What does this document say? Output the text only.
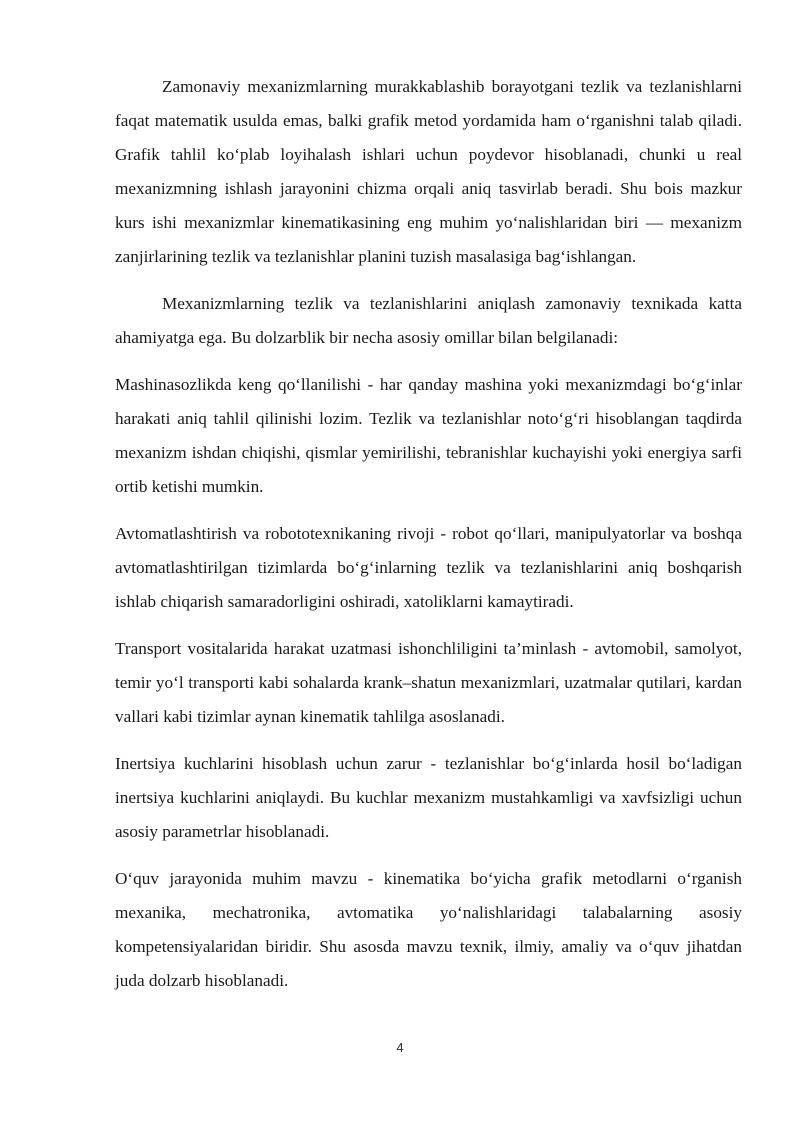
Zamonaviy mexanizmlarning murakkablashib borayotgani tezlik va tezlanishlarni faqat matematik usulda emas, balki grafik metod yordamida ham o‘rganishni talab qiladi. Grafik tahlil ko‘plab loyihalash ishlari uchun poydevor hisoblanadi, chunki u real mexanizmning ishlash jarayonini chizma orqali aniq tasvirlab beradi. Shu bois mazkur kurs ishi mexanizmlar kinematikasining eng muhim yo‘nalishlaridan biri — mexanizm zanjirlarining tezlik va tezlanishlar planini tuzish masalasiga bag‘ishlangan.

Mexanizmlarning tezlik va tezlanishlarini aniqlash zamonaviy texnikada katta ahamiyatga ega. Bu dolzarblik bir necha asosiy omillar bilan belgilanadi:

Mashinasozlikda keng qo‘llanilishi - har qanday mashina yoki mexanizmdagi bo‘g‘inlar harakati aniq tahlil qilinishi lozim. Tezlik va tezlanishlar noto‘g‘ri hisoblangan taqdirda mexanizm ishdan chiqishi, qismlar yemirilishi, tebranishlar kuchayishi yoki energiya sarfi ortib ketishi mumkin.

Avtomatlashtirish va robototexnikaning rivoji - robot qo‘llari, manipulyatorlar va boshqa avtomatlashtirilgan tizimlarda bo‘g‘inlarning tezlik va tezlanishlarini aniq boshqarish ishlab chiqarish samaradorligini oshiradi, xatoliklarni kamaytiradi.

Transport vositalarida harakat uzatmasi ishonchliligini ta’minlash - avtomobil, samolyot, temir yo‘l transporti kabi sohalarda krank–shatun mexanizmlari, uzatmalar qutilari, kardan vallari kabi tizimlar aynan kinematik tahlilga asoslanadi.

Inertsiya kuchlarini hisoblash uchun zarur - tezlanishlar bo‘g‘inlarda hosil bo‘ladigan inertsiya kuchlarini aniqlaydi. Bu kuchlar mexanizm mustahkamligi va xavfsizligi uchun asosiy parametrlar hisoblanadi.

O‘quv jarayonida muhim mavzu - kinematika bo‘yicha grafik metodlarni o‘rganish mexanika, mechatronika, avtomatika yo‘nalishlaridagi talabalarning asosiy kompetensiyalaridan biridir. Shu asosda mavzu texnik, ilmiy, amaliy va o‘quv jihatdan juda dolzarb hisoblanadi.

4
